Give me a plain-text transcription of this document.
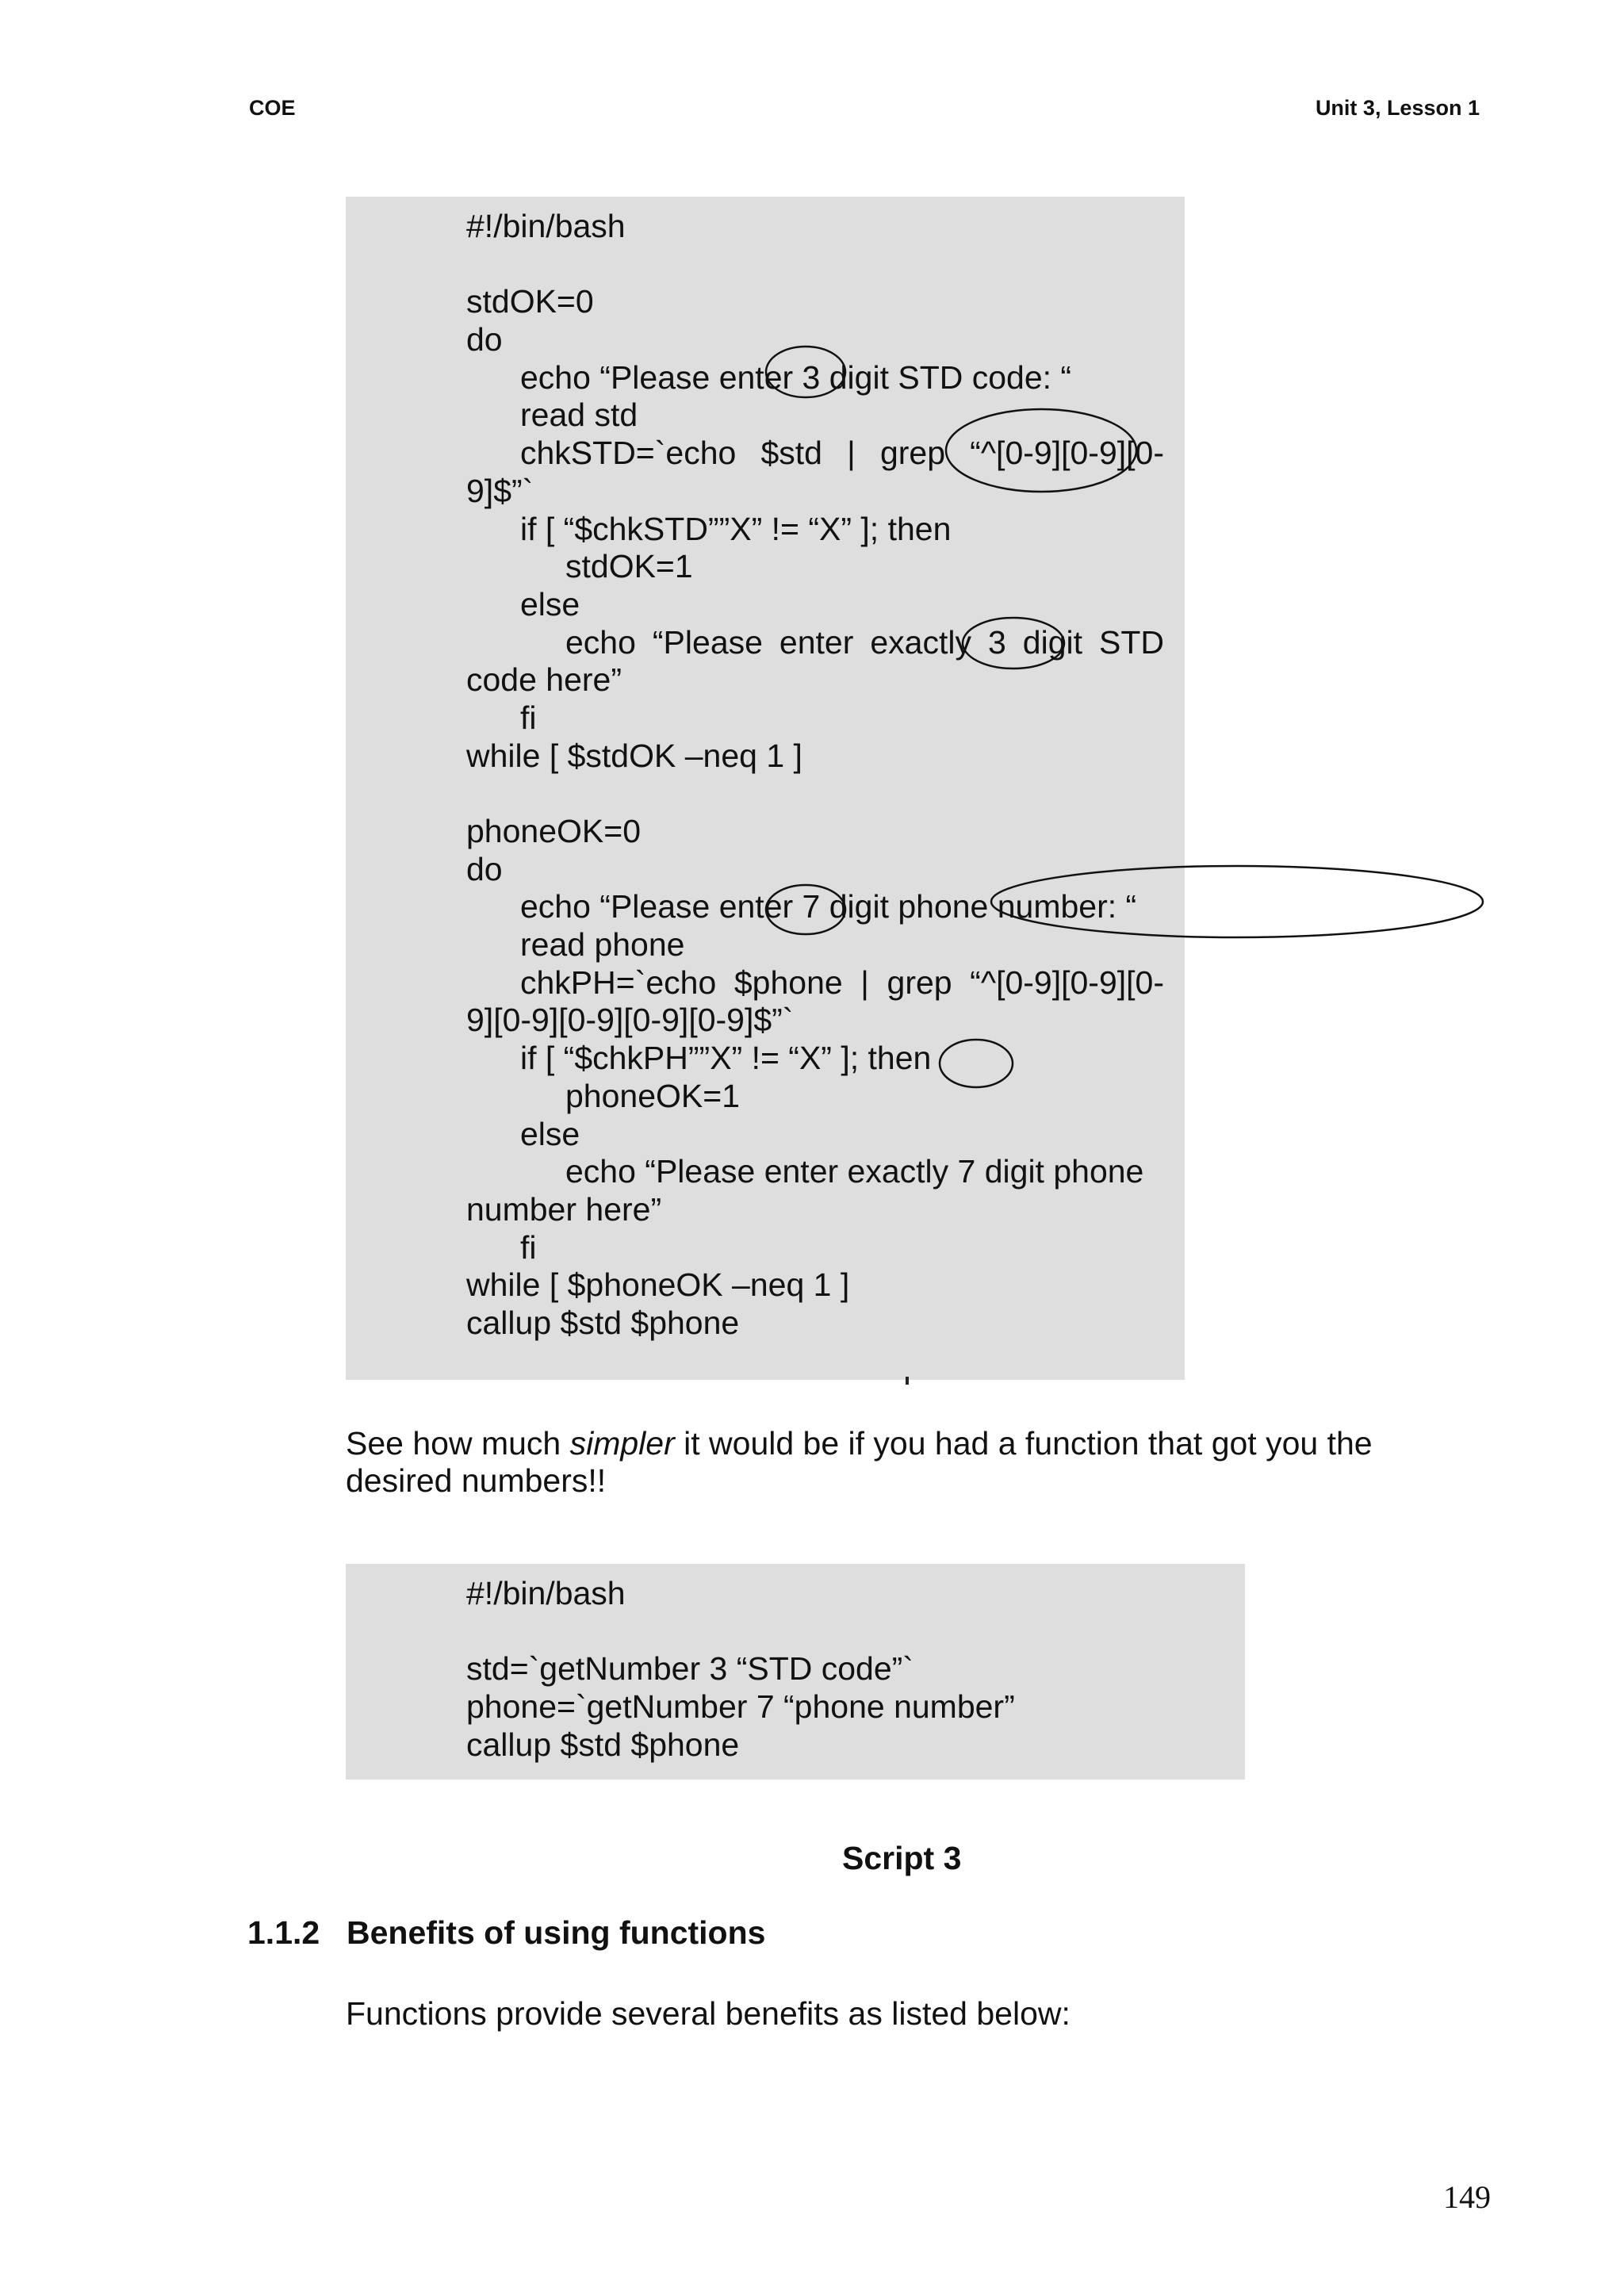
COE	Unit 3, Lesson 1
#!/bin/bash
stdOK=0
do
echo “Please enter 3 digit STD code: “
read std
chkSTD=`echo $std | grep “^[0-9][0-9][0-
9]$”`
if [ “$chkSTD””X” != “X” ]; then
stdOK=1
else
echo “Please enter exactly 3 digit STD
code here”
fi
while [ $stdOK –neq 1 ]
phoneOK=0
do
echo “Please enter 7 digit phone number: “
read phone
chkPH=`echo $phone | grep “^[0-9][0-9][0-
9][0-9][0-9][0-9][0-9]$”`
if [ “$chkPH””X” != “X” ]; then
phoneOK=1
else
echo “Please enter exactly 7 digit phone
number here”
fi
while [ $phoneOK –neq 1 ]
callup $std $phone
See how much simpler it would be if you had a function that got you the desired numbers!!
#!/bin/bash
std=`getNumber 3 “STD code”`
phone=`getNumber 7 “phone number”
callup $std $phone
Script 3
1.1.2 Benefits of using functions
Functions provide several benefits as listed below:
149
